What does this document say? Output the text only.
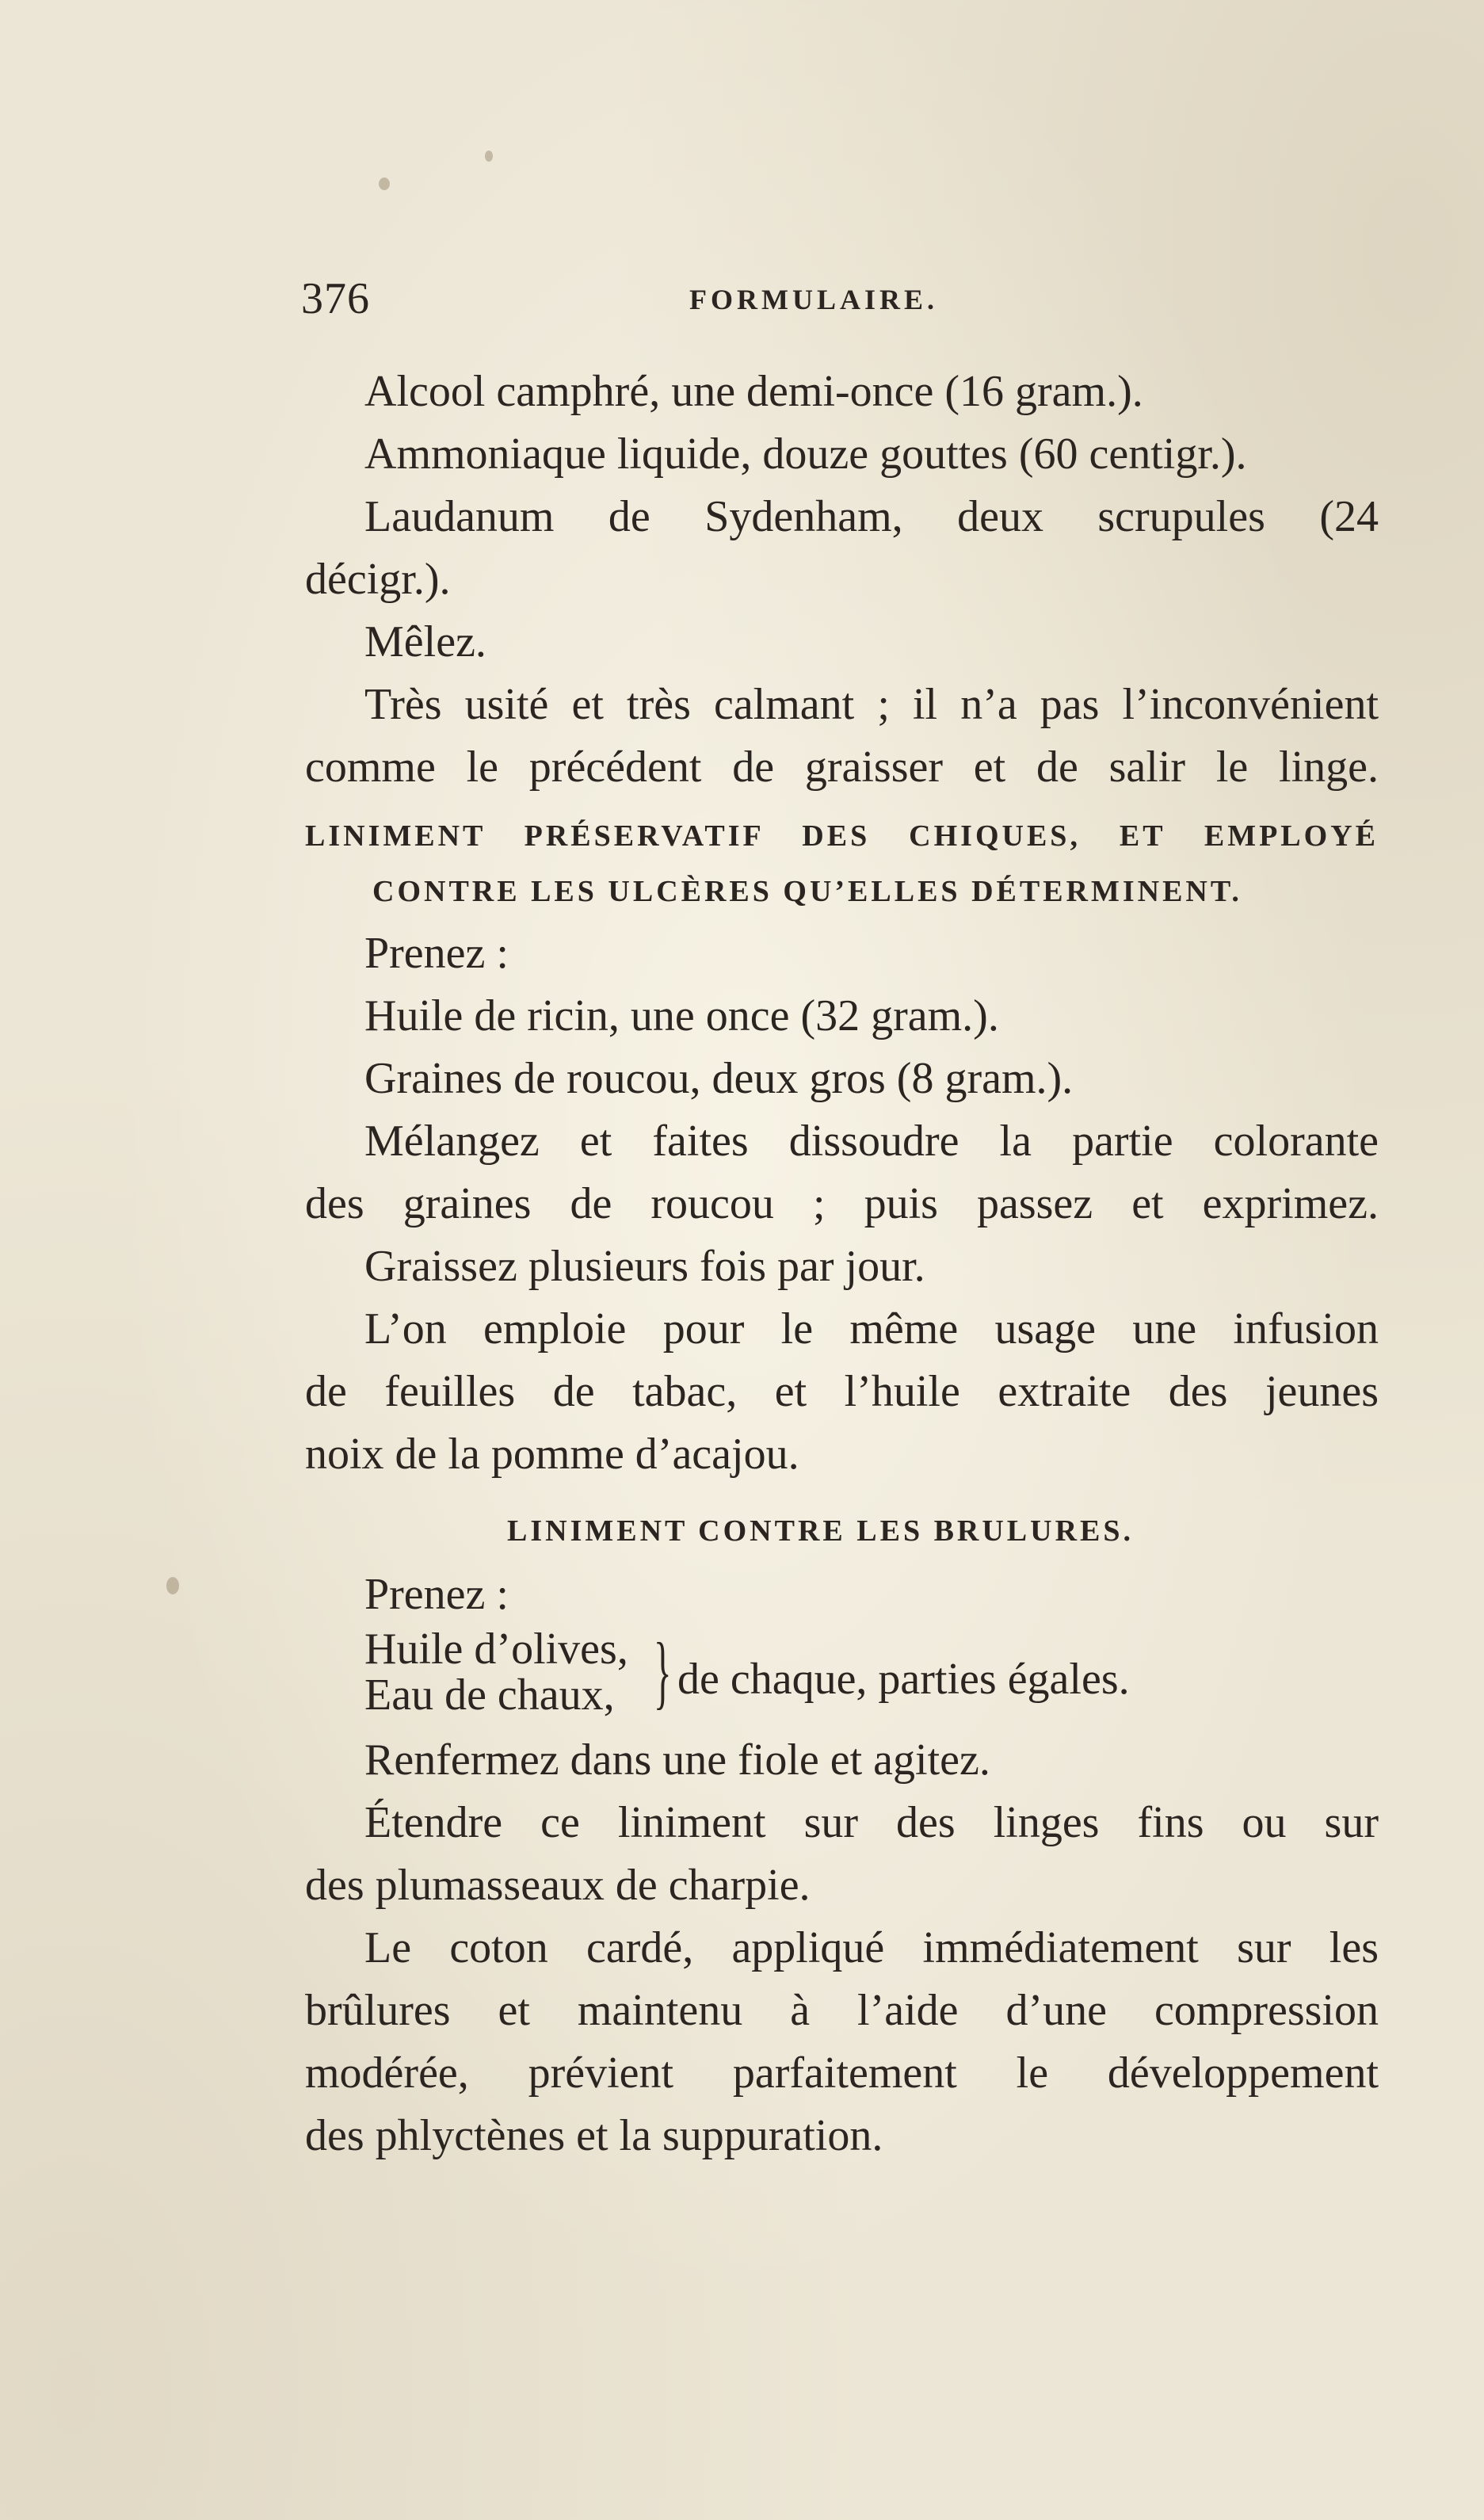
376	FORMULAIRE.
Alcool camphré, une demi-once (16 gram.).
Ammoniaque liquide, douze gouttes (60 centigr.).
Laudanum de Sydenham, deux scrupules (24
décigr.).
Mêlez.
Très usité et très calmant ; il n’a pas l’inconvénient
comme le précédent de graisser et de salir le linge.
LINIMENT PRÉSERVATIF DES CHIQUES, ET EMPLOYÉ
CONTRE LES ULCÈRES QU’ELLES DÉTERMINENT.
Prenez :
Huile de ricin, une once (32 gram.).
Graines de roucou, deux gros (8 gram.).
Mélangez et faites dissoudre la partie colorante
des graines de roucou ; puis passez et exprimez.
Graissez plusieurs fois par jour.
L’on emploie pour le même usage une infusion
de feuilles de tabac, et l’huile extraite des jeunes
noix de la pomme d’acajou.
LINIMENT CONTRE LES BRULURES.
Prenez :
Huile d’olives,
Eau de chaux, } de chaque, parties égales.
Renfermez dans une fiole et agitez.
Étendre ce liniment sur des linges fins ou sur
des plumasseaux de charpie.
Le coton cardé, appliqué immédiatement sur les
brûlures et maintenu à l’aide d’une compression
modérée, prévient parfaitement le développement
des phlyctènes et la suppuration.
